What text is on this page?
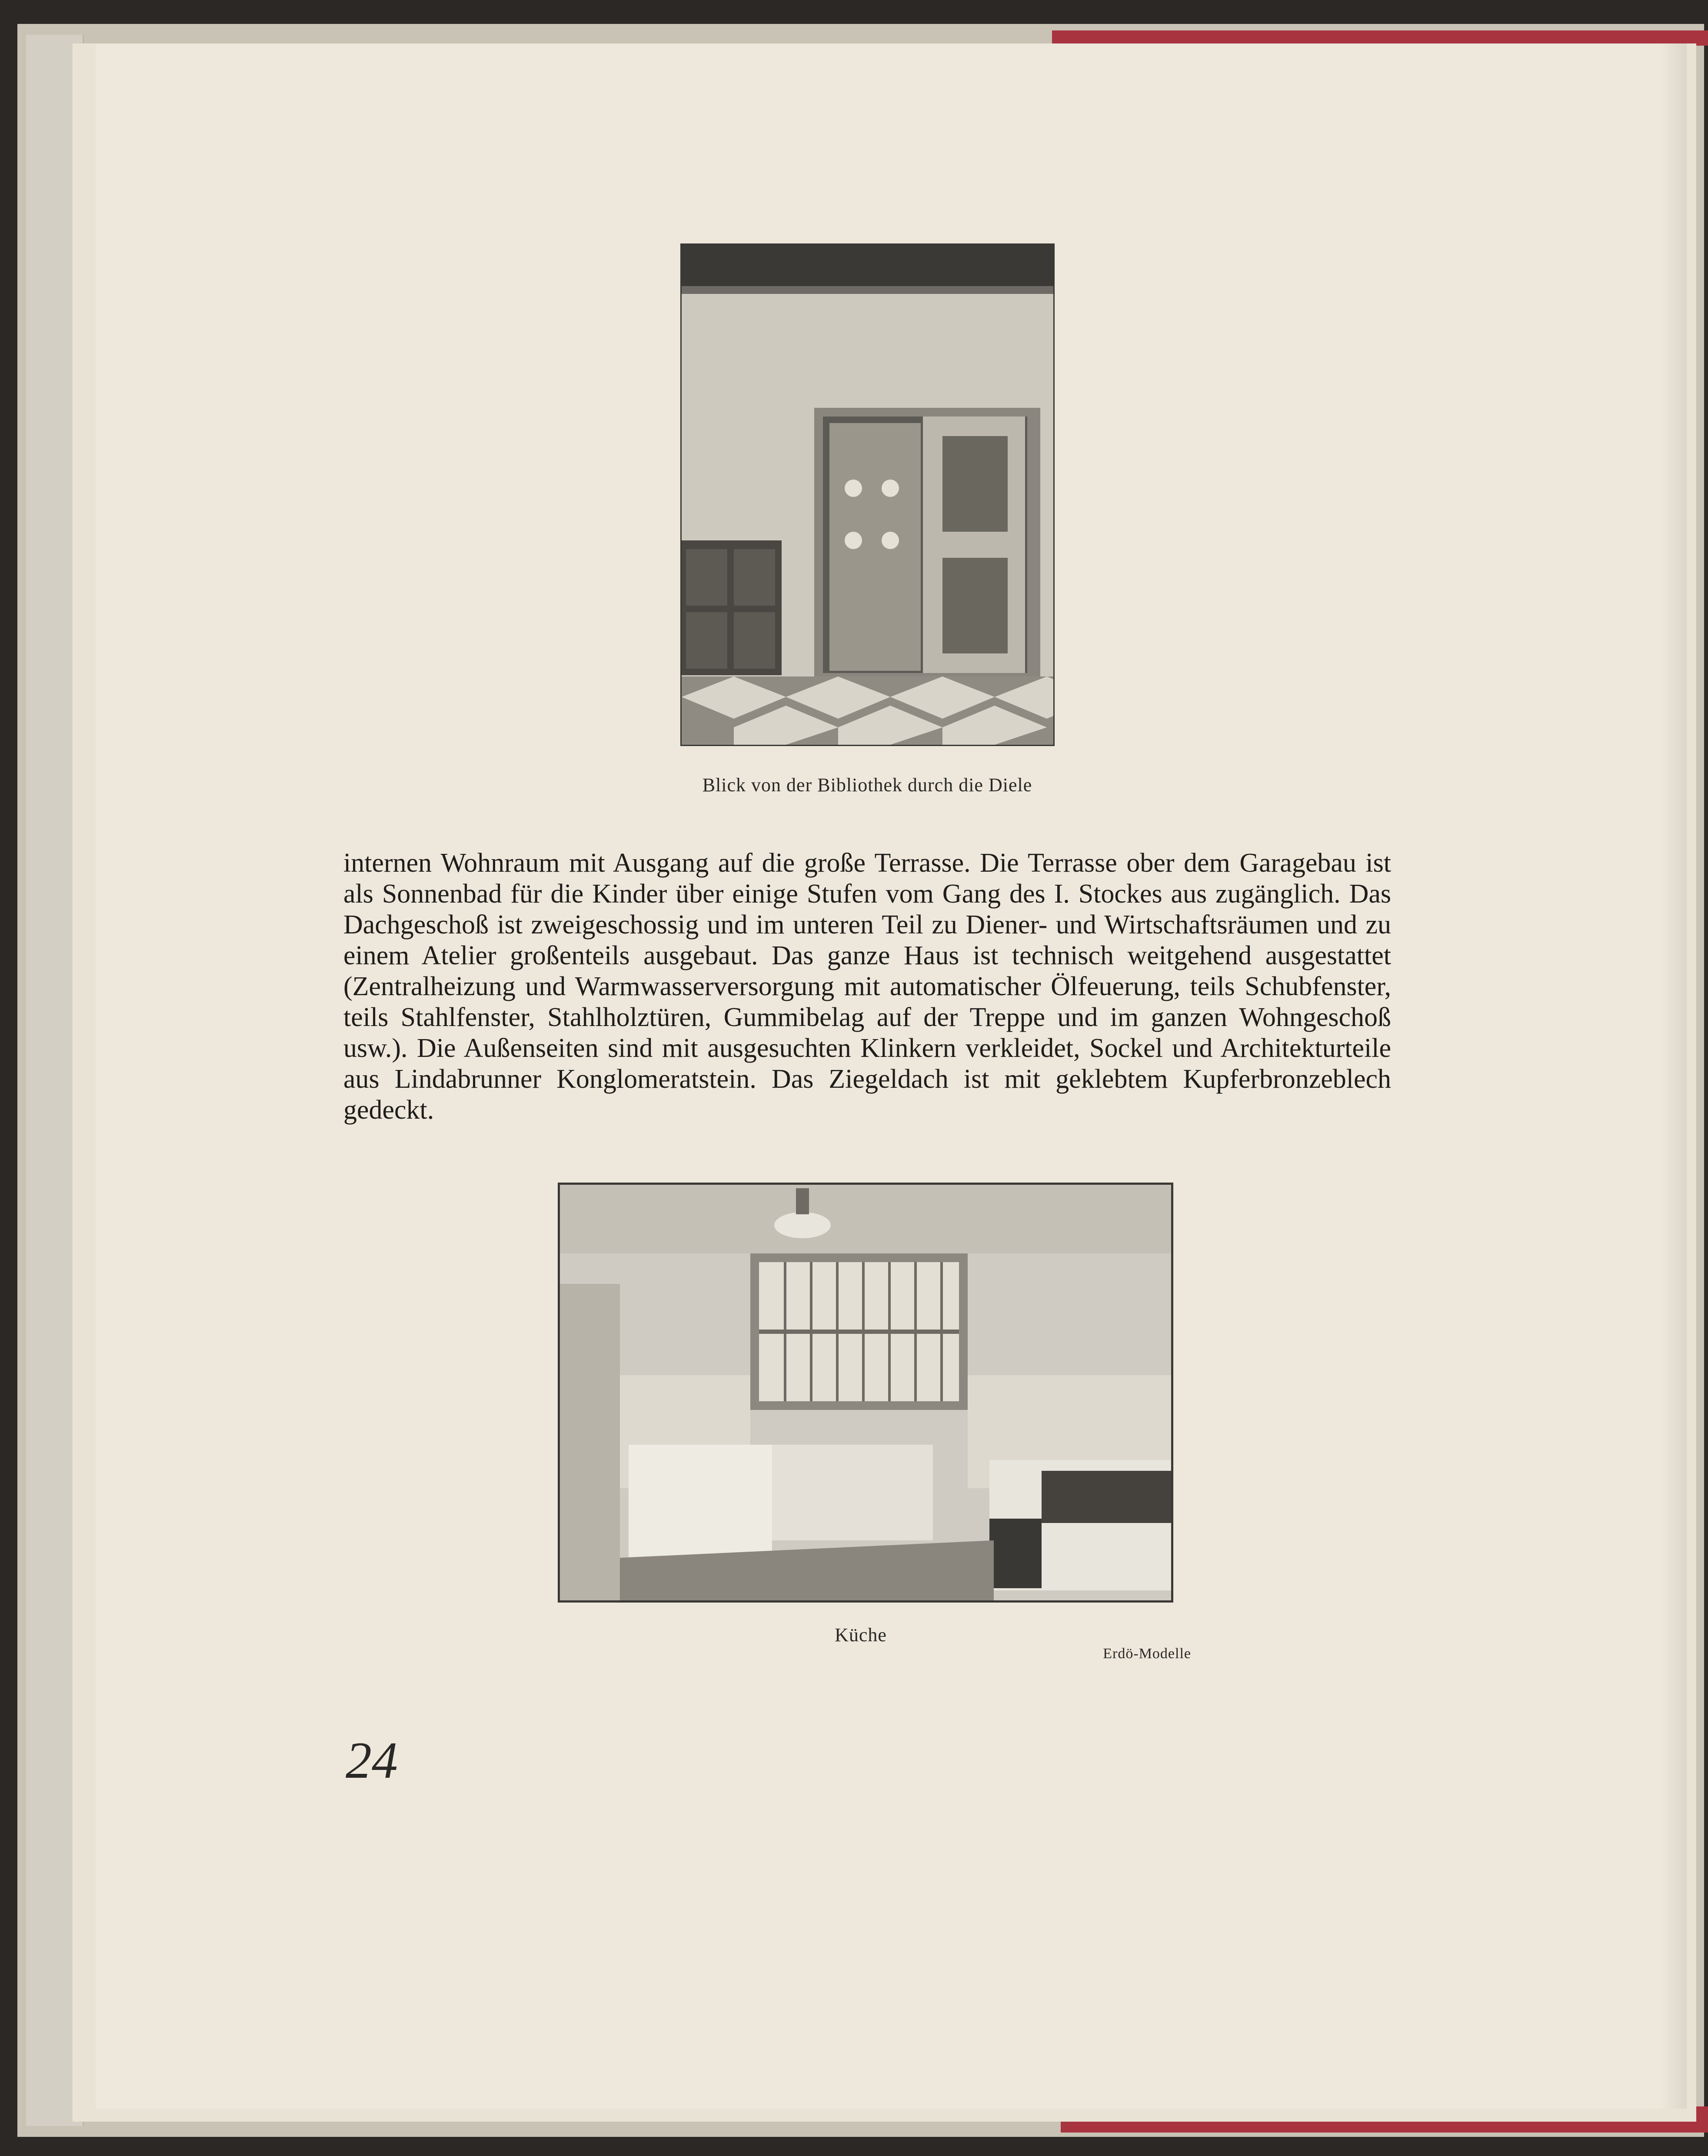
Blick von der Bibliothek durch die Diele

internen Wohnraum mit Ausgang auf die große Terrasse. Die Terrasse ober dem Garagebau ist als Sonnenbad für die Kinder über einige Stufen vom Gang des I. Stockes aus zugänglich. Das Dachgeschoß ist zweigeschossig und im unteren Teil zu Diener- und Wirtschaftsräumen und zu einem Atelier großenteils ausgebaut. Das ganze Haus ist technisch weitgehend ausgestattet (Zentralheizung und Warmwasserversorgung mit automatischer Ölfeuerung, teils Schubfenster, teils Stahlfenster, Stahlholztüren, Gummibelag auf der Treppe und im ganzen Wohngeschoß usw.). Die Außenseiten sind mit ausgesuchten Klinkern verkleidet, Sockel und Architekturteile aus Lindabrunner Konglomeratstein. Das Ziegeldach ist mit geklebtem Kupferbronzeblech gedeckt.

Küche
Erdö-Modelle
24
